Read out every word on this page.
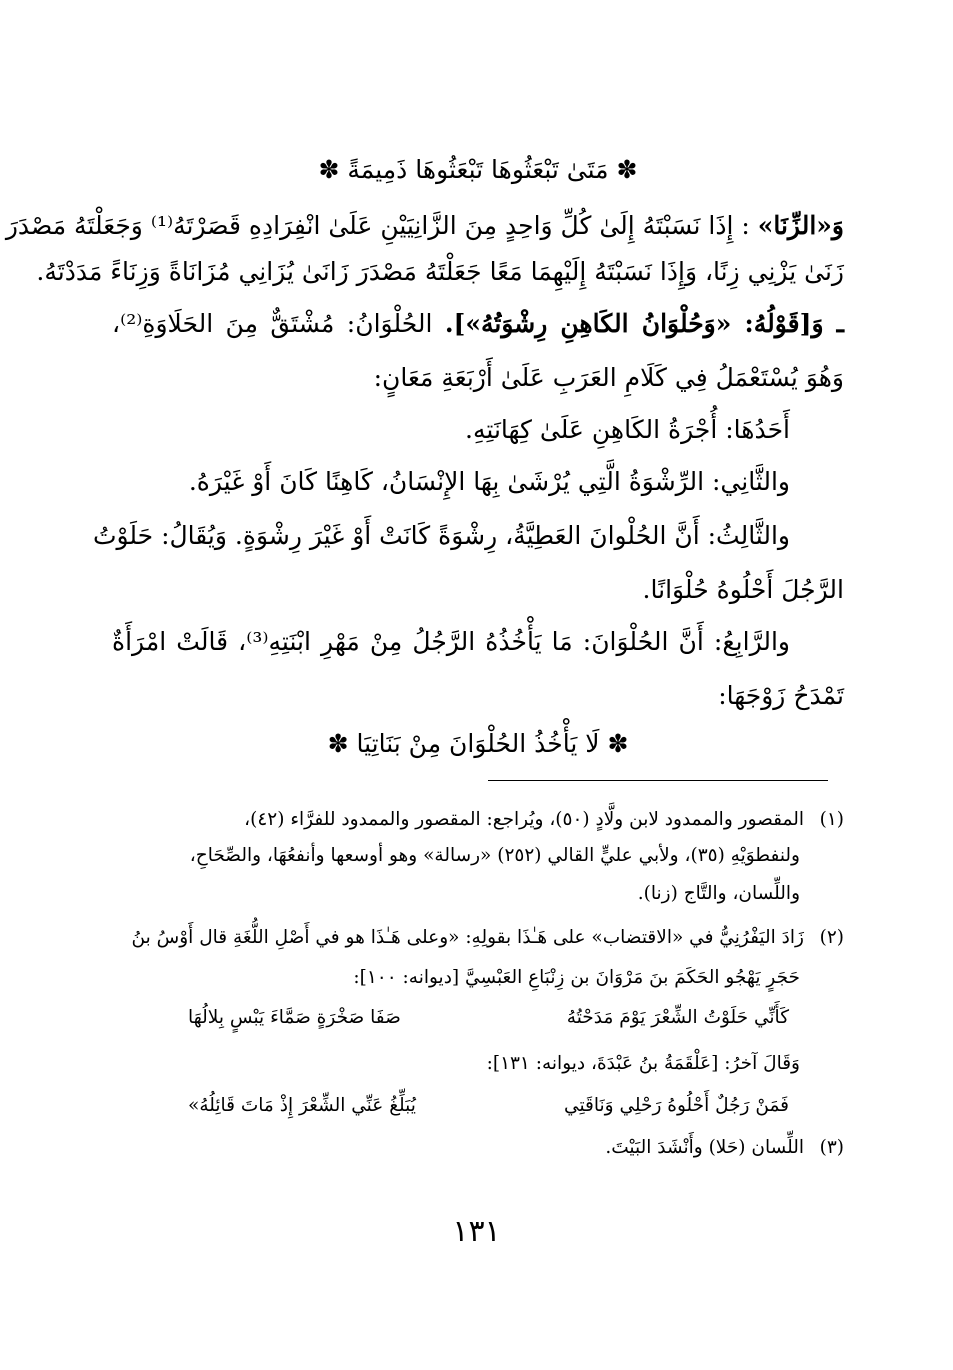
✽ مَتَىٰ تَبْعَثُوهَا تَبْعَثُوهَا ذَمِيمَةً ✽
وَ«الزِّنَا» : إِذَا نَسَبْتَهُ إِلَىٰ كُلِّ وَاحِدٍ مِنَ الزَّانِيَيْنِ عَلَىٰ انْفِرَادِهِ قَصَرْتَهُ⁽¹⁾ وَجَعَلْتَهُ مَصْدَرَ
زَنَىٰ يَزْنِي زِنًا، وَإِذَا نَسَبْتَهُ إِلَيْهِمَا مَعًا جَعَلْتَهُ مَصْدَرَ زَانَىٰ يُزَانِي مُزَانَاةً وَزِنَاءً مَدَدْتَهُ.
ـ وَ[قَوْلُهُ: «وَحُلْوَانُ الكَاهِنِ رِشْوَتُهُ»]. الحُلْوَانُ: مُشْتَقٌّ مِنَ الحَلَاوَةِ⁽²⁾،
وَهُوَ يُسْتَعْمَلُ فِي كَلَامِ العَرَبِ عَلَىٰ أَرْبَعَةِ مَعَانٍ:
أَحَدُهَا: أُجْرَةُ الكَاهِنِ عَلَىٰ كِهَانَتِهِ.
والثَّانِي: الرِّشْوَةُ الَّتِي يُرْشَىٰ بِهَا الإِنْسَانُ، كَاهِنًا كَانَ أَوْ غَيْرَهُ.
والثَّالِثُ: أَنَّ الحُلْوانَ العَطِيَّةُ، رِشْوَةً كَانَتْ أَوْ غَيْرَ رِشْوَةٍ. وَيُقَالُ: حَلَوْتُ
الرَّجُلَ أَحْلُوهُ حُلْوَانًا.
والرَّابِعُ: أَنَّ الحُلْوَانَ: مَا يَأْخُذُهُ الرَّجُلُ مِنْ مَهْرِ ابْنَتِهِ⁽³⁾، قَالَتْ امْرَأَةٌ
تَمْدَحُ زَوْجَهَا:
✽ لَا يَأْخُذُ الحُلْوَانَ مِنْ بَنَاتِيَا ✽
(١)المقصور والممدود لابن ولَّادٍ (٥٠)، ويُراجع: المقصور والممدود للفرَّاء (٤٢)،
ولنفطوَيْهِ (٣٥)، ولأبي عليٍّ القالي (٢٥٢) «رسالة» وهو أوسعها وأنفعُهَا، والصِّحَاحِ،
واللِّسان، والتَّاج (زنا).
(٢)زَادَ اليَفْرُنِيُّ في «الاقتضاب» على هَـٰذَا بقولِهِ: «وعلى هَـٰذَا هو في أَصْلِ اللُّغَةِ قال أَوْسُ بنُ
حَجَرٍ يَهْجُو الحَكَمَ بنَ مَرْوَانَ بن زِنْبَاعِ العَبْسِيَّ [ديوانه: ١٠٠]:
كَأَنِّي حَلَوْتُ الشِّعْرَ يَوْمَ مَدَحْتُهُ
صَفَا صَخْرَةٍ صَمَّاءَ يَبْسٍ بِلالُهَا
وَقَالَ آخرُ: [عَلْقَمَةُ بنُ عَبْدَةَ، ديوانه: ١٣١]:
فَمَنْ رَجُلٌ أَحْلُوهُ رَحْلِي وَنَاقَتِي
يُبَلِّغُ عَنِّي الشِّعْرَ إِذْ مَاتَ قَائِلُهُ»
(٣)اللِّسان (حَلا) وأَنْشَدَ البَيْتَ.
١٣١
